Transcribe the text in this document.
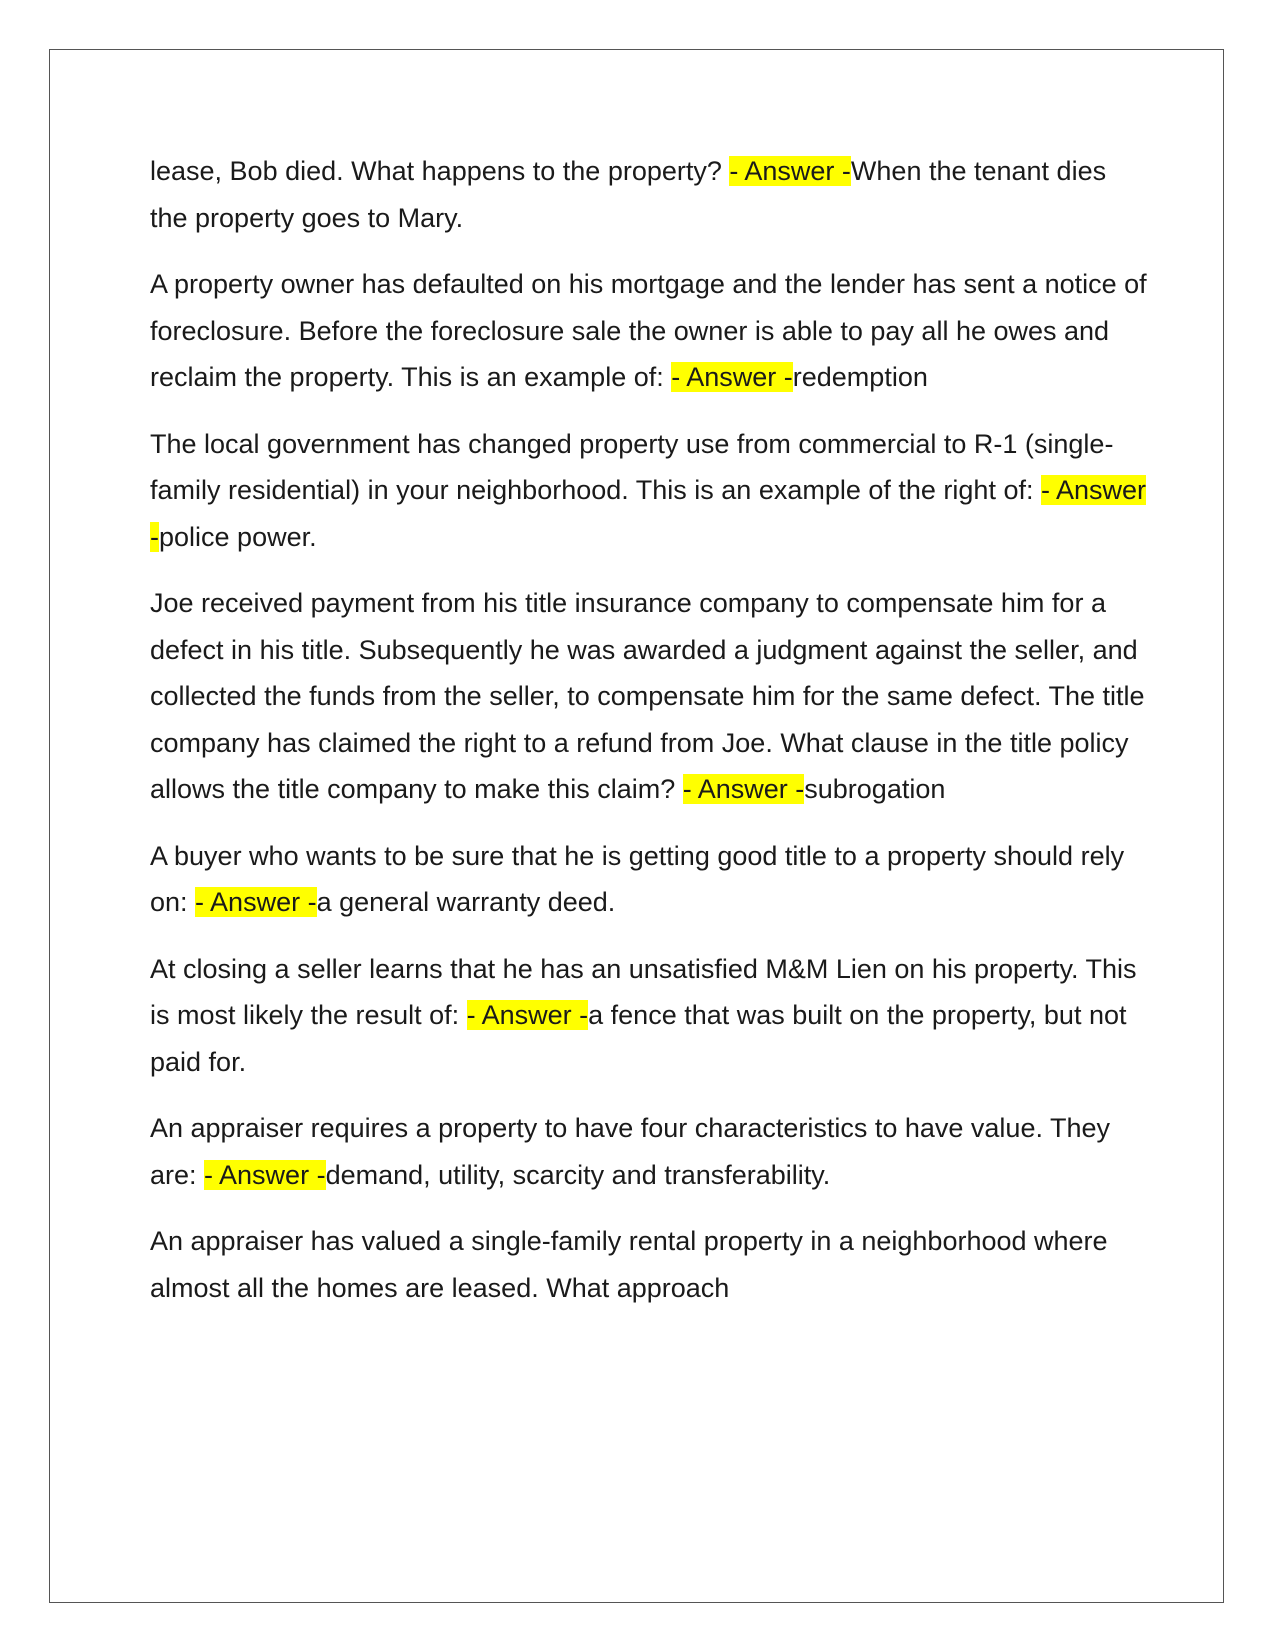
lease, Bob died. What happens to the property? - Answer -When the tenant dies the property goes to Mary.

A property owner has defaulted on his mortgage and the lender has sent a notice of foreclosure. Before the foreclosure sale the owner is able to pay all he owes and reclaim the property. This is an example of: - Answer -redemption

The local government has changed property use from commercial to R-1 (single-family residential) in your neighborhood. This is an example of the right of: - Answer -police power.

Joe received payment from his title insurance company to compensate him for a defect in his title. Subsequently he was awarded a judgment against the seller, and collected the funds from the seller, to compensate him for the same defect. The title company has claimed the right to a refund from Joe. What clause in the title policy allows the title company to make this claim? - Answer -subrogation

A buyer who wants to be sure that he is getting good title to a property should rely on: - Answer -a general warranty deed.

At closing a seller learns that he has an unsatisfied M&M Lien on his property. This is most likely the result of: - Answer -a fence that was built on the property, but not paid for.

An appraiser requires a property to have four characteristics to have value. They are: - Answer -demand, utility, scarcity and transferability.

An appraiser has valued a single-family rental property in a neighborhood where almost all the homes are leased. What approach
